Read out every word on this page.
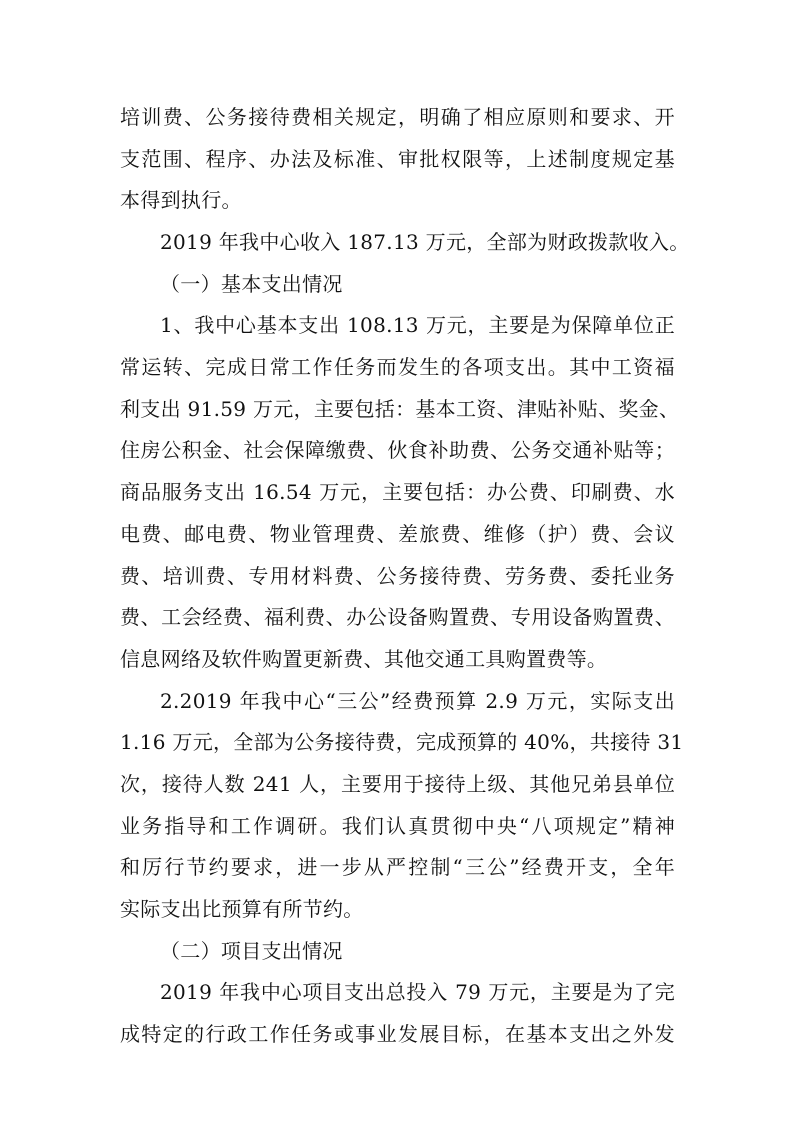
培训费、公务接待费相关规定，明确了相应原则和要求、开
支范围、程序、办法及标准、审批权限等，上述制度规定基
本得到执行。
2019 年我中心收入 187.13 万元，全部为财政拨款收入。
（一）基本支出情况
1、我中心基本支出 108.13 万元，主要是为保障单位正
常运转、完成日常工作任务而发生的各项支出。其中工资福
利支出 91.59 万元，主要包括：基本工资、津贴补贴、奖金、
住房公积金、社会保障缴费、伙食补助费、公务交通补贴等；
商品服务支出 16.54 万元，主要包括：办公费、印刷费、水
电费、邮电费、物业管理费、差旅费、维修（护）费、会议
费、培训费、专用材料费、公务接待费、劳务费、委托业务
费、工会经费、福利费、办公设备购置费、专用设备购置费、
信息网络及软件购置更新费、其他交通工具购置费等。
2.2019 年我中心“三公”经费预算 2.9 万元，实际支出
1.16 万元，全部为公务接待费，完成预算的 40%，共接待 31
次，接待人数 241 人，主要用于接待上级、其他兄弟县单位
业务指导和工作调研。我们认真贯彻中央“八项规定”精神
和厉行节约要求，进一步从严控制“三公”经费开支，全年
实际支出比预算有所节约。
（二）项目支出情况
2019 年我中心项目支出总投入 79 万元，主要是为了完
成特定的行政工作任务或事业发展目标，在基本支出之外发
